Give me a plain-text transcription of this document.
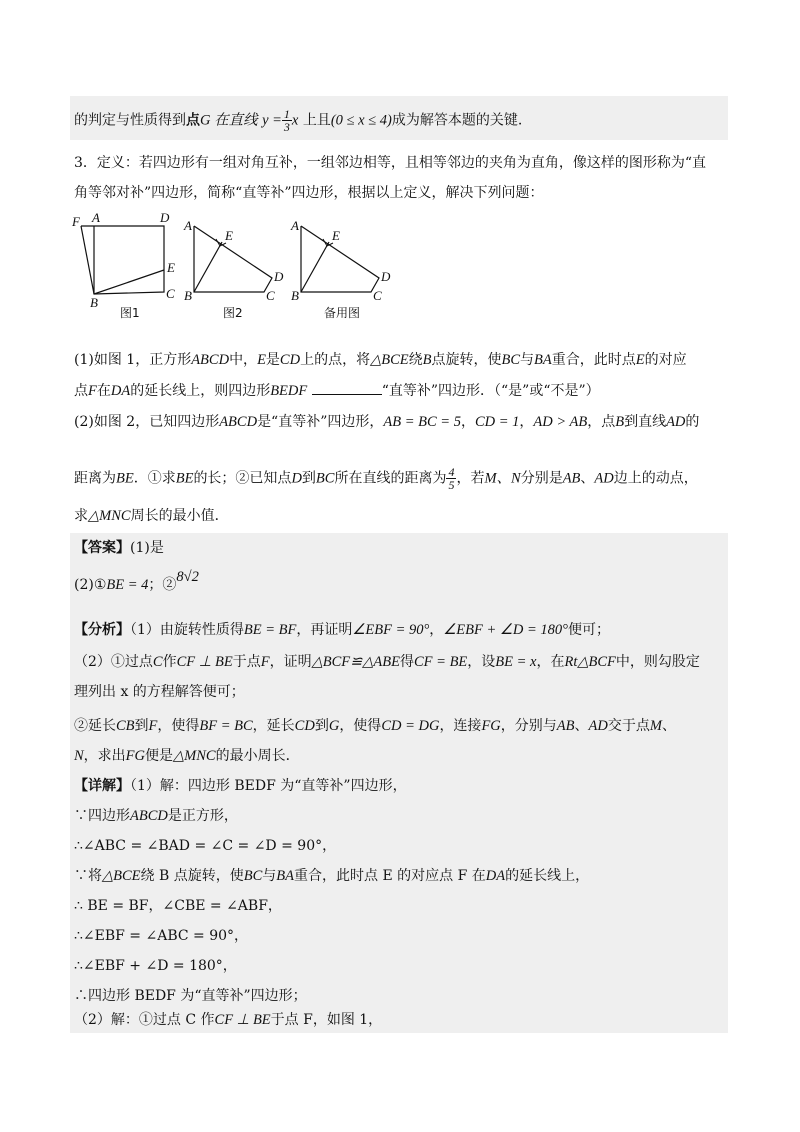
的判定与性质得到点G 在直线 $y = \frac{1}{3}$ x 上且(0 ≤ x ≤ 4)成为解答本题的关键.
3．定义：若四边形有一组对角互补，一组邻边相等，且相等邻边的夹角为直角，像这样的图形称为“直
角等邻对补”四边形，简称“直等补”四边形，根据以上定义，解决下列问题：
F A	D
E
B
C
图1
A
E
D
B	C
图2
A
E
D
B	C
备用图
(1)如图 1，正方形ABCD中，E是CD上的点，将△BCE绕B点旋转，使BC与BA重合，此时点E的对应
点F在DA的延长线上，则四边形BEDF	“直等补”四边形．（“是”或“不是”）
(2)如图 2，已知四边形ABCD是“直等补”四边形，AB = BC = 5，CD = 1，AD > AB，点B到直线AD的
距离为BE．①求BE的长；②已知点D到BC所在直线的距离为 $\frac{4}{5}$ ，若M、N分别是AB、AD边上的动点，
求△MNC周长的最小值．
【答案】(1)是
(2)①BE = 4；②8√2
【分析】（1）由旋转性质得BE = BF，再证明∠EBF = 90°，∠EBF + ∠D = 180°便可；
（2）①过点C作CF ⊥ BE于点F，证明△BCF≌△ABE得CF = BE，设BE = x，在Rt△BCF中，则勾股定
理列出 x 的方程解答便可；
②延长CB到F，使得BF = BC，延长CD到G，使得CD = DG，连接FG，分别与AB、AD交于点M、
N，求出FG便是△MNC的最小周长．
【详解】（1）解：四边形 BEDF 为“直等补”四边形，
∵四边形ABCD是正方形，
∴∠ABC = ∠BAD = ∠C = ∠D = 90°，
∵将△BCE绕 B 点旋转，使BC与BA重合，此时点 E 的对应点 F 在DA的延长线上，
∴ BE = BF，∠CBE = ∠ABF，
∴∠EBF = ∠ABC = 90°，
∴∠EBF + ∠D = 180°，
∴四边形 BEDF 为“直等补”四边形；
（2）解：①过点 C 作CF ⊥ BE于点 F，如图 1，
